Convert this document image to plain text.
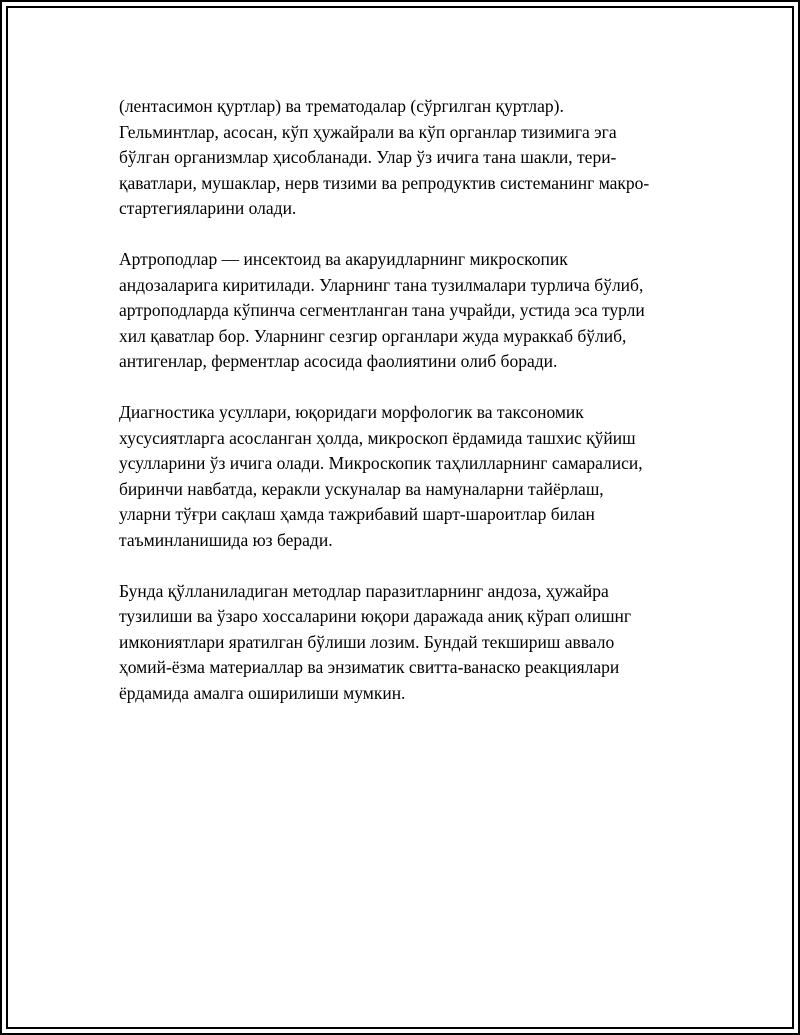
(лентасимон қуртлар) ва трематодалар (сўргилган қуртлар).
Гельминтлар, асосан, кўп ҳужайрали ва кўп органлар тизимига эга
бўлган организмлар ҳисобланади. Улар ўз ичига тана шакли, тери-
қаватлари, мушаклар, нерв тизими ва репродуктив системанинг макро-
стартегияларини олади.

Артроподлар — инсектоид ва акаруидларнинг микроскопик
андозаларига киритилади. Уларнинг тана тузилмалари турлича бўлиб,
артроподларда кўпинча сегментланган тана учрайди, устида эса турли
хил қаватлар бор. Уларнинг сезгир органлари жуда мураккаб бўлиб,
антигенлар, ферментлар асосида фаолиятини олиб боради.

Диагностика усуллари, юқоридаги морфологик ва таксономик
хусусиятларга асосланган ҳолда, микроскоп ёрдамида ташхис қўйиш
усулларини ўз ичига олади. Микроскопик таҳлилларнинг самаралиси,
биринчи навбатда, керакли ускуналар ва намуналарни тайёрлаш,
уларни тўғри сақлаш ҳамда тажрибавий шарт-шароитлар билан
таъминланишида юз беради.

Бунда қўлланиладиган методлар паразитларнинг андоза, ҳужайра
тузилиши ва ўзаро хоссаларини юқори даражада аниқ кўрап олишнг
имкониятлари яратилган бўлиши лозим. Бундай текшириш аввало
ҳомий-ёзма материаллар ва энзиматик свитта-ванаско реакциялари
ёрдамида амалга оширилиши мумкин.
